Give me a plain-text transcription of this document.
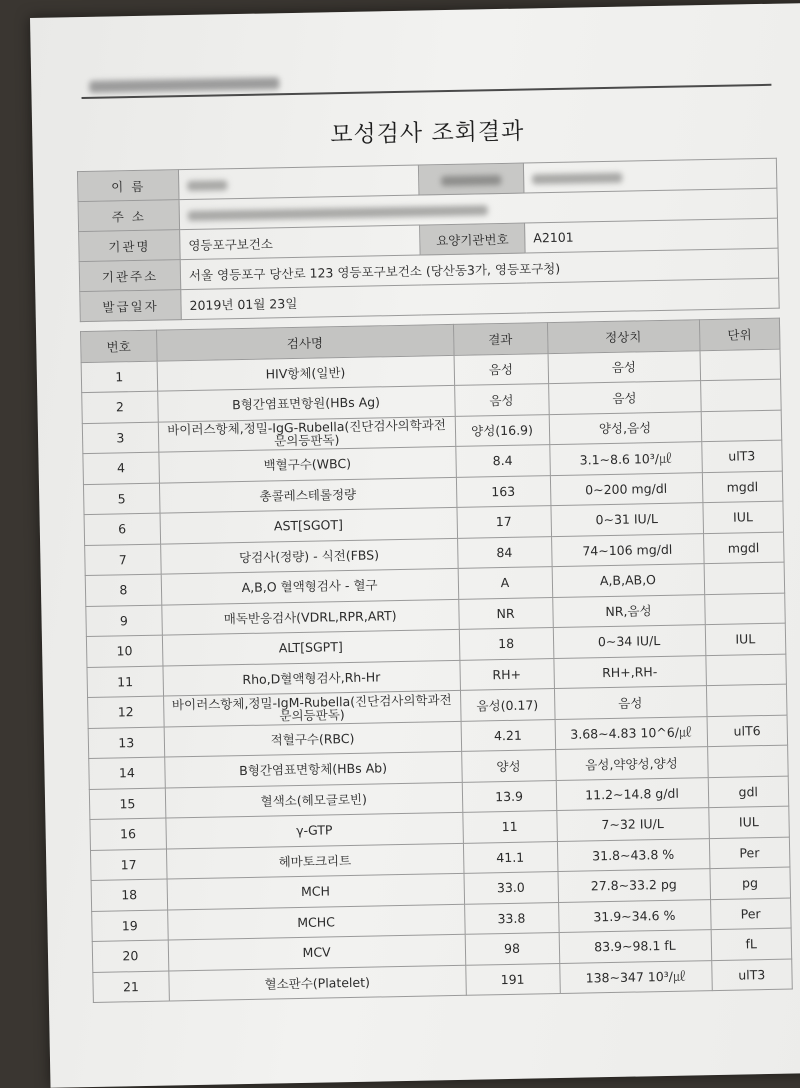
모성검사 조회결과
이 름			
주 소			
기관명	영등포구보건소	요양기관번호	A2101
기관주소	서울 영등포구 당산로 123 영등포구보건소 (당산동3가, 영등포구청)		
발급일자	2019년 01월 23일		
번호	검사명	결과	정상치	단위
1	HIV항체(일반)	음성	음성	
2	B형간염표면항원(HBs Ag)	음성	음성	
3	바이러스항체,정밀-IgG-Rubella(진단검사의학과전문의등판독)	양성(16.9)	양성,음성	
4	백혈구수(WBC)	8.4	3.1~8.6 10³/㎕	ulT3
5	총콜레스테롤정량	163	0~200 mg/dl	mgdl
6	AST[SGOT]	17	0~31 IU/L	IUL
7	당검사(정량) - 식전(FBS)	84	74~106 mg/dl	mgdl
8	A,B,O 혈액형검사 - 혈구	A	A,B,AB,O	
9	매독반응검사(VDRL,RPR,ART)	NR	NR,음성	
10	ALT[SGPT]	18	0~34 IU/L	IUL
11	Rho,D혈액형검사,Rh-Hr	RH+	RH+,RH-	
12	바이러스항체,정밀-IgM-Rubella(진단검사의학과전문의등판독)	음성(0.17)	음성	
13	적혈구수(RBC)	4.21	3.68~4.83 10^6/㎕	ulT6
14	B형간염표면항체(HBs Ab)	양성	음성,약양성,양성	
15	혈색소(헤모글로빈)	13.9	11.2~14.8 g/dl	gdl
16	γ-GTP	11	7~32 IU/L	IUL
17	헤마토크리트	41.1	31.8~43.8 %	Per
18	MCH	33.0	27.8~33.2 pg	pg
19	MCHC	33.8	31.9~34.6 %	Per
20	MCV	98	83.9~98.1 fL	fL
21	혈소판수(Platelet)	191	138~347 10³/㎕	ulT3
